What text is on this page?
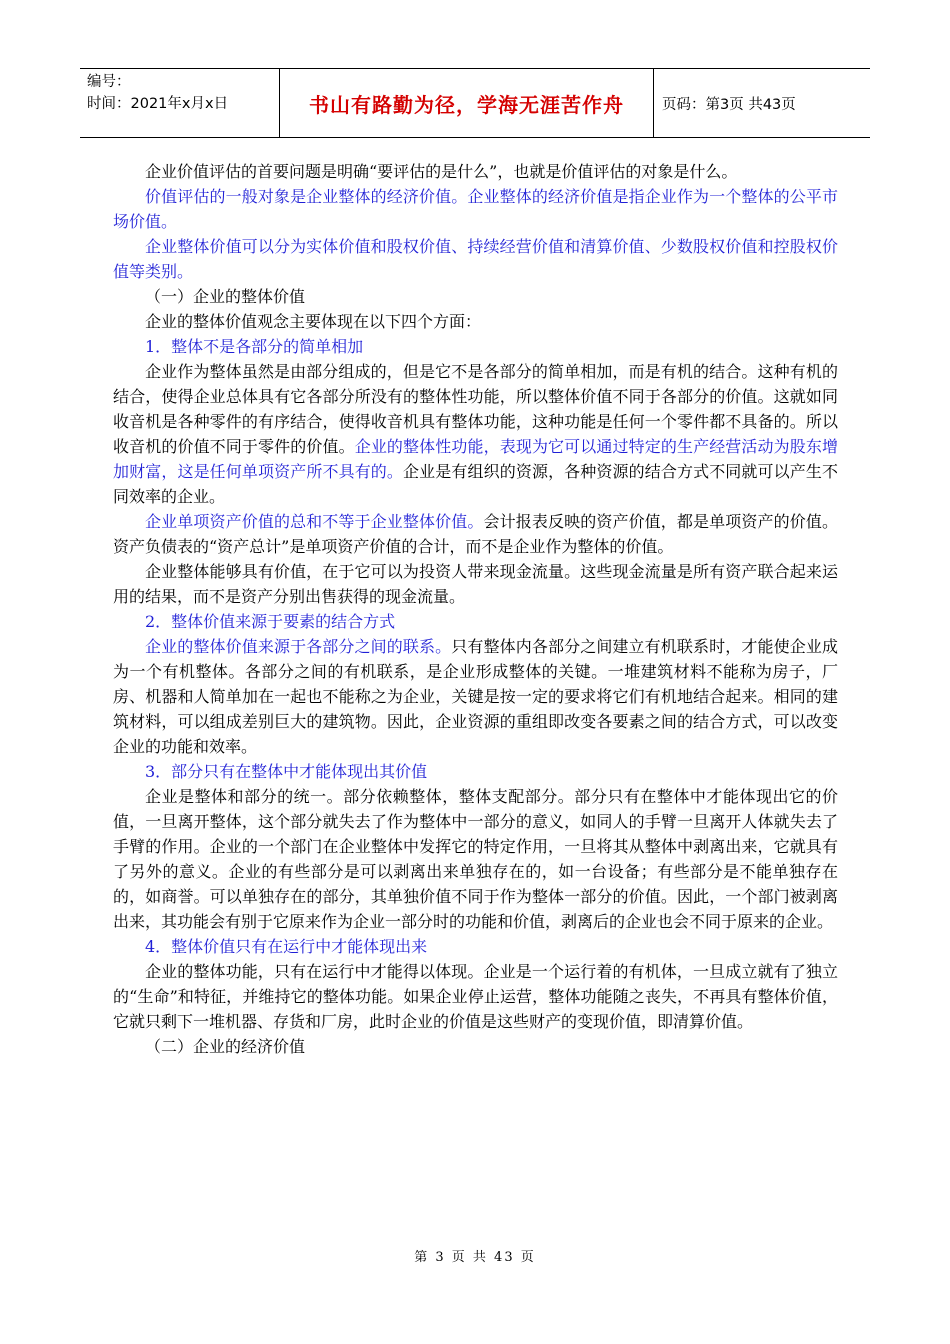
编号：
时间：2021年x月x日	书山有路勤为径，学海无涯苦作舟	页码：第3页 共43页

企业价值评估的首要问题是明确“要评估的是什么”，也就是价值评估的对象是什么。

价值评估的一般对象是企业整体的经济价值。企业整体的经济价值是指企业作为一个整体的公平市场价值。

企业整体价值可以分为实体价值和股权价值、持续经营价值和清算价值、少数股权价值和控股权价值等类别。

（一）企业的整体价值

企业的整体价值观念主要体现在以下四个方面：

1．整体不是各部分的简单相加

企业作为整体虽然是由部分组成的，但是它不是各部分的简单相加，而是有机的结合。这种有机的结合，使得企业总体具有它各部分所没有的整体性功能，所以整体价值不同于各部分的价值。这就如同收音机是各种零件的有序结合，使得收音机具有整体功能，这种功能是任何一个零件都不具备的。所以收音机的价值不同于零件的价值。企业的整体性功能，表现为它可以通过特定的生产经营活动为股东增加财富，这是任何单项资产所不具有的。企业是有组织的资源，各种资源的结合方式不同就可以产生不同效率的企业。

企业单项资产价值的总和不等于企业整体价值。会计报表反映的资产价值，都是单项资产的价值。资产负债表的“资产总计”是单项资产价值的合计，而不是企业作为整体的价值。

企业整体能够具有价值，在于它可以为投资人带来现金流量。这些现金流量是所有资产联合起来运用的结果，而不是资产分别出售获得的现金流量。

2．整体价值来源于要素的结合方式

企业的整体价值来源于各部分之间的联系。只有整体内各部分之间建立有机联系时，才能使企业成为一个有机整体。各部分之间的有机联系，是企业形成整体的关键。一堆建筑材料不能称为房子，厂房、机器和人简单加在一起也不能称之为企业，关键是按一定的要求将它们有机地结合起来。相同的建筑材料，可以组成差别巨大的建筑物。因此，企业资源的重组即改变各要素之间的结合方式，可以改变企业的功能和效率。

3．部分只有在整体中才能体现出其价值

企业是整体和部分的统一。部分依赖整体，整体支配部分。部分只有在整体中才能体现出它的价值，一旦离开整体，这个部分就失去了作为整体中一部分的意义，如同人的手臂一旦离开人体就失去了手臂的作用。企业的一个部门在企业整体中发挥它的特定作用，一旦将其从整体中剥离出来，它就具有了另外的意义。企业的有些部分是可以剥离出来单独存在的，如一台设备；有些部分是不能单独存在的，如商誉。可以单独存在的部分，其单独价值不同于作为整体一部分的价值。因此，一个部门被剥离出来，其功能会有别于它原来作为企业一部分时的功能和价值，剥离后的企业也会不同于原来的企业。

4．整体价值只有在运行中才能体现出来

企业的整体功能，只有在运行中才能得以体现。企业是一个运行着的有机体，一旦成立就有了独立的“生命”和特征，并维持它的整体功能。如果企业停止运营，整体功能随之丧失，不再具有整体价值，它就只剩下一堆机器、存货和厂房，此时企业的价值是这些财产的变现价值，即清算价值。

（二）企业的经济价值

第 3 页 共 43 页
